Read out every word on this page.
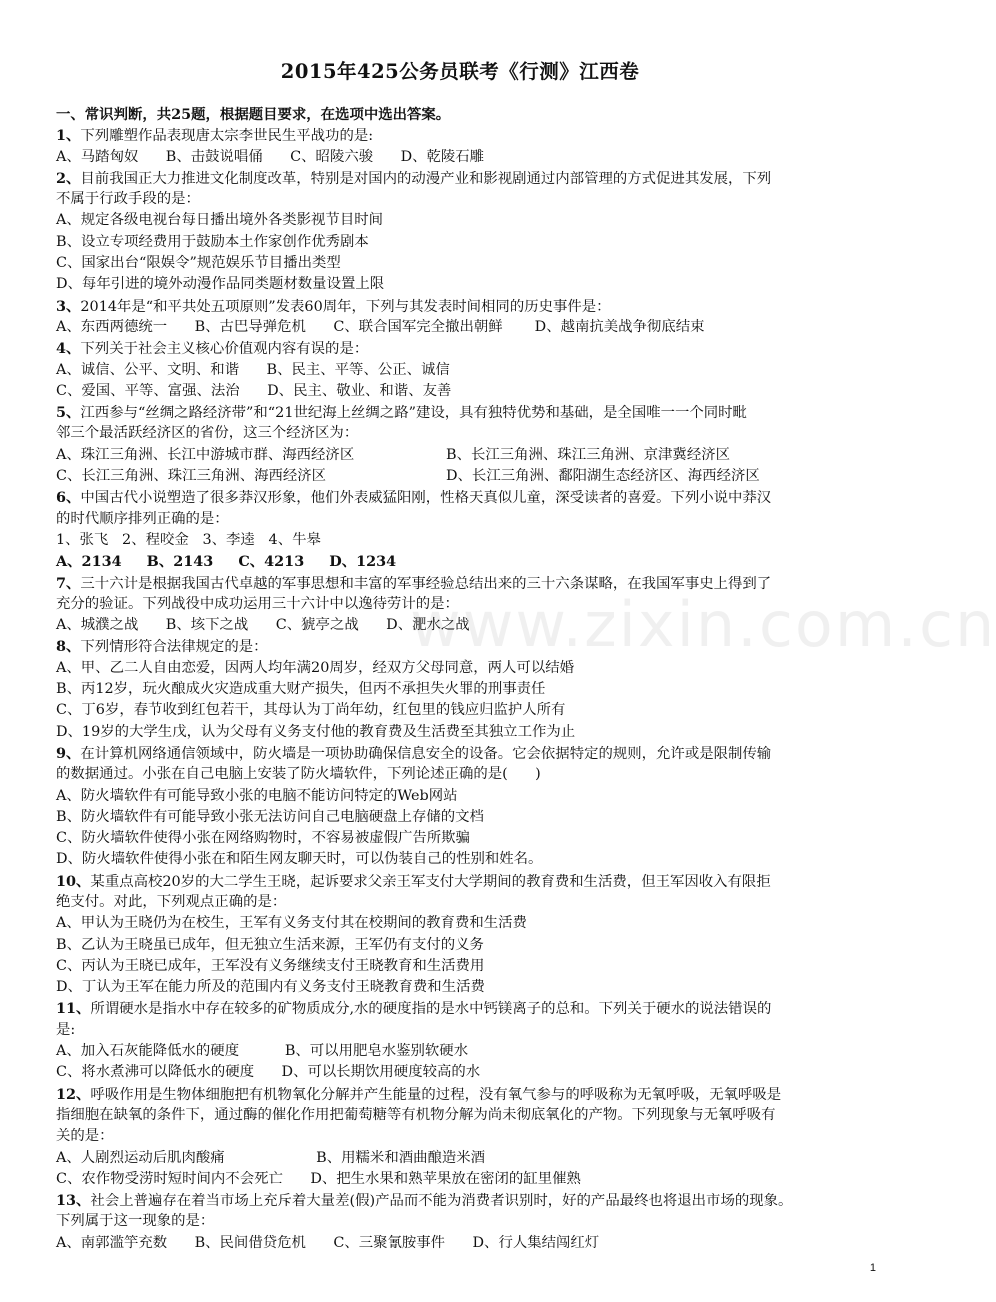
2015年425公务员联考《行测》江西卷
www.zixin.com.cn
一、常识判断，共25题，根据题目要求，在选项中选出答案。
1、下列雕塑作品表现唐太宗李世民生平战功的是:
A、马踏匈奴      B、击鼓说唱俑      C、昭陵六骏      D、乾陵石雕
2、目前我国正大力推进文化制度改革，特别是对国内的动漫产业和影视剧通过内部管理的方式促进其发展，下列
不属于行政手段的是：
A、规定各级电视台每日播出境外各类影视节目时间
B、设立专项经费用于鼓励本土作家创作优秀剧本
C、国家出台“限娱令”规范娱乐节目播出类型
D、每年引进的境外动漫作品同类题材数量设置上限
3、2014年是“和平共处五项原则”发表60周年，下列与其发表时间相同的历史事件是：
A、东西两德统一      B、古巴导弹危机      C、联合国军完全撤出朝鲜       D、越南抗美战争彻底结束
4、下列关于社会主义核心价值观内容有误的是：
A、诚信、公平、文明、和谐      B、民主、平等、公正、诚信
C、爱国、平等、富强、法治      D、民主、敬业、和谐、友善
5、江西参与“丝绸之路经济带”和“21世纪海上丝绸之路”建设，具有独特优势和基础，是全国唯一一个同时毗
邻三个最活跃经济区的省份，这三个经济区为：
A、珠江三角洲、长江中游城市群、海西经济区	B、长江三角洲、珠江三角洲、京津冀经济区
C、长江三角洲、珠江三角洲、海西经济区	D、长江三角洲、鄱阳湖生态经济区、海西经济区
6、中国古代小说塑造了很多莽汉形象，他们外表威猛阳刚，性格天真似儿童，深受读者的喜爱。下列小说中莽汉
的时代顺序排列正确的是：
1、张飞   2、程咬金   3、李逵   4、牛皋
A、2134     B、2143     C、4213     D、1234
7、三十六计是根据我国古代卓越的军事思想和丰富的军事经验总结出来的三十六条谋略，在我国军事史上得到了
充分的验证。下列战役中成功运用三十六计中以逸待劳计的是：
A、城濮之战      B、垓下之战      C、猇亭之战      D、淝水之战
8、下列情形符合法律规定的是：
A、甲、乙二人自由恋爱，因两人均年满20周岁，经双方父母同意，两人可以结婚
B、丙12岁，玩火酿成火灾造成重大财产损失，但丙不承担失火罪的刑事责任
C、丁6岁，春节收到红包若干，其母认为丁尚年幼，红包里的钱应归监护人所有
D、19岁的大学生戊，认为父母有义务支付他的教育费及生活费至其独立工作为止
9、在计算机网络通信领域中，防火墙是一项协助确保信息安全的设备。它会依据特定的规则，允许或是限制传输
的数据通过。小张在自己电脑上安装了防火墙软件，下列论述正确的是(      )
A、防火墙软件有可能导致小张的电脑不能访问特定的Web网站
B、防火墙软件有可能导致小张无法访问自己电脑硬盘上存储的文档
C、防火墙软件使得小张在网络购物时，不容易被虚假广告所欺骗
D、防火墙软件使得小张在和陌生网友聊天时，可以伪装自己的性别和姓名。
10、某重点高校20岁的大二学生王晓，起诉要求父亲王军支付大学期间的教育费和生活费，但王军因收入有限拒
绝支付。对此，下列观点正确的是：
A、甲认为王晓仍为在校生，王军有义务支付其在校期间的教育费和生活费
B、乙认为王晓虽已成年，但无独立生活来源，王军仍有支付的义务
C、丙认为王晓已成年，王军没有义务继续支付王晓教育和生活费用
D、丁认为王军在能力所及的范围内有义务支付王晓教育费和生活费
11、所谓硬水是指水中存在较多的矿物质成分,水的硬度指的是水中钙镁离子的总和。下列关于硬水的说法错误的
是:
A、加入石灰能降低水的硬度          B、可以用肥皂水鉴别软硬水
C、将水煮沸可以降低水的硬度      D、可以长期饮用硬度较高的水
12、呼吸作用是生物体细胞把有机物氧化分解并产生能量的过程，没有氧气参与的呼吸称为无氧呼吸，无氧呼吸是
指细胞在缺氧的条件下，通过酶的催化作用把葡萄糖等有机物分解为尚未彻底氧化的产物。下列现象与无氧呼吸有
关的是：
A、人剧烈运动后肌肉酸痛                    B、用糯米和酒曲酿造米酒
C、农作物受涝时短时间内不会死亡      D、把生水果和熟苹果放在密闭的缸里催熟
13、社会上普遍存在着当市场上充斥着大量差(假)产品而不能为消费者识别时，好的产品最终也将退出市场的现象。
下列属于这一现象的是：
A、南郭滥竽充数      B、民间借贷危机      C、三聚氰胺事件      D、行人集结闯红灯
1
